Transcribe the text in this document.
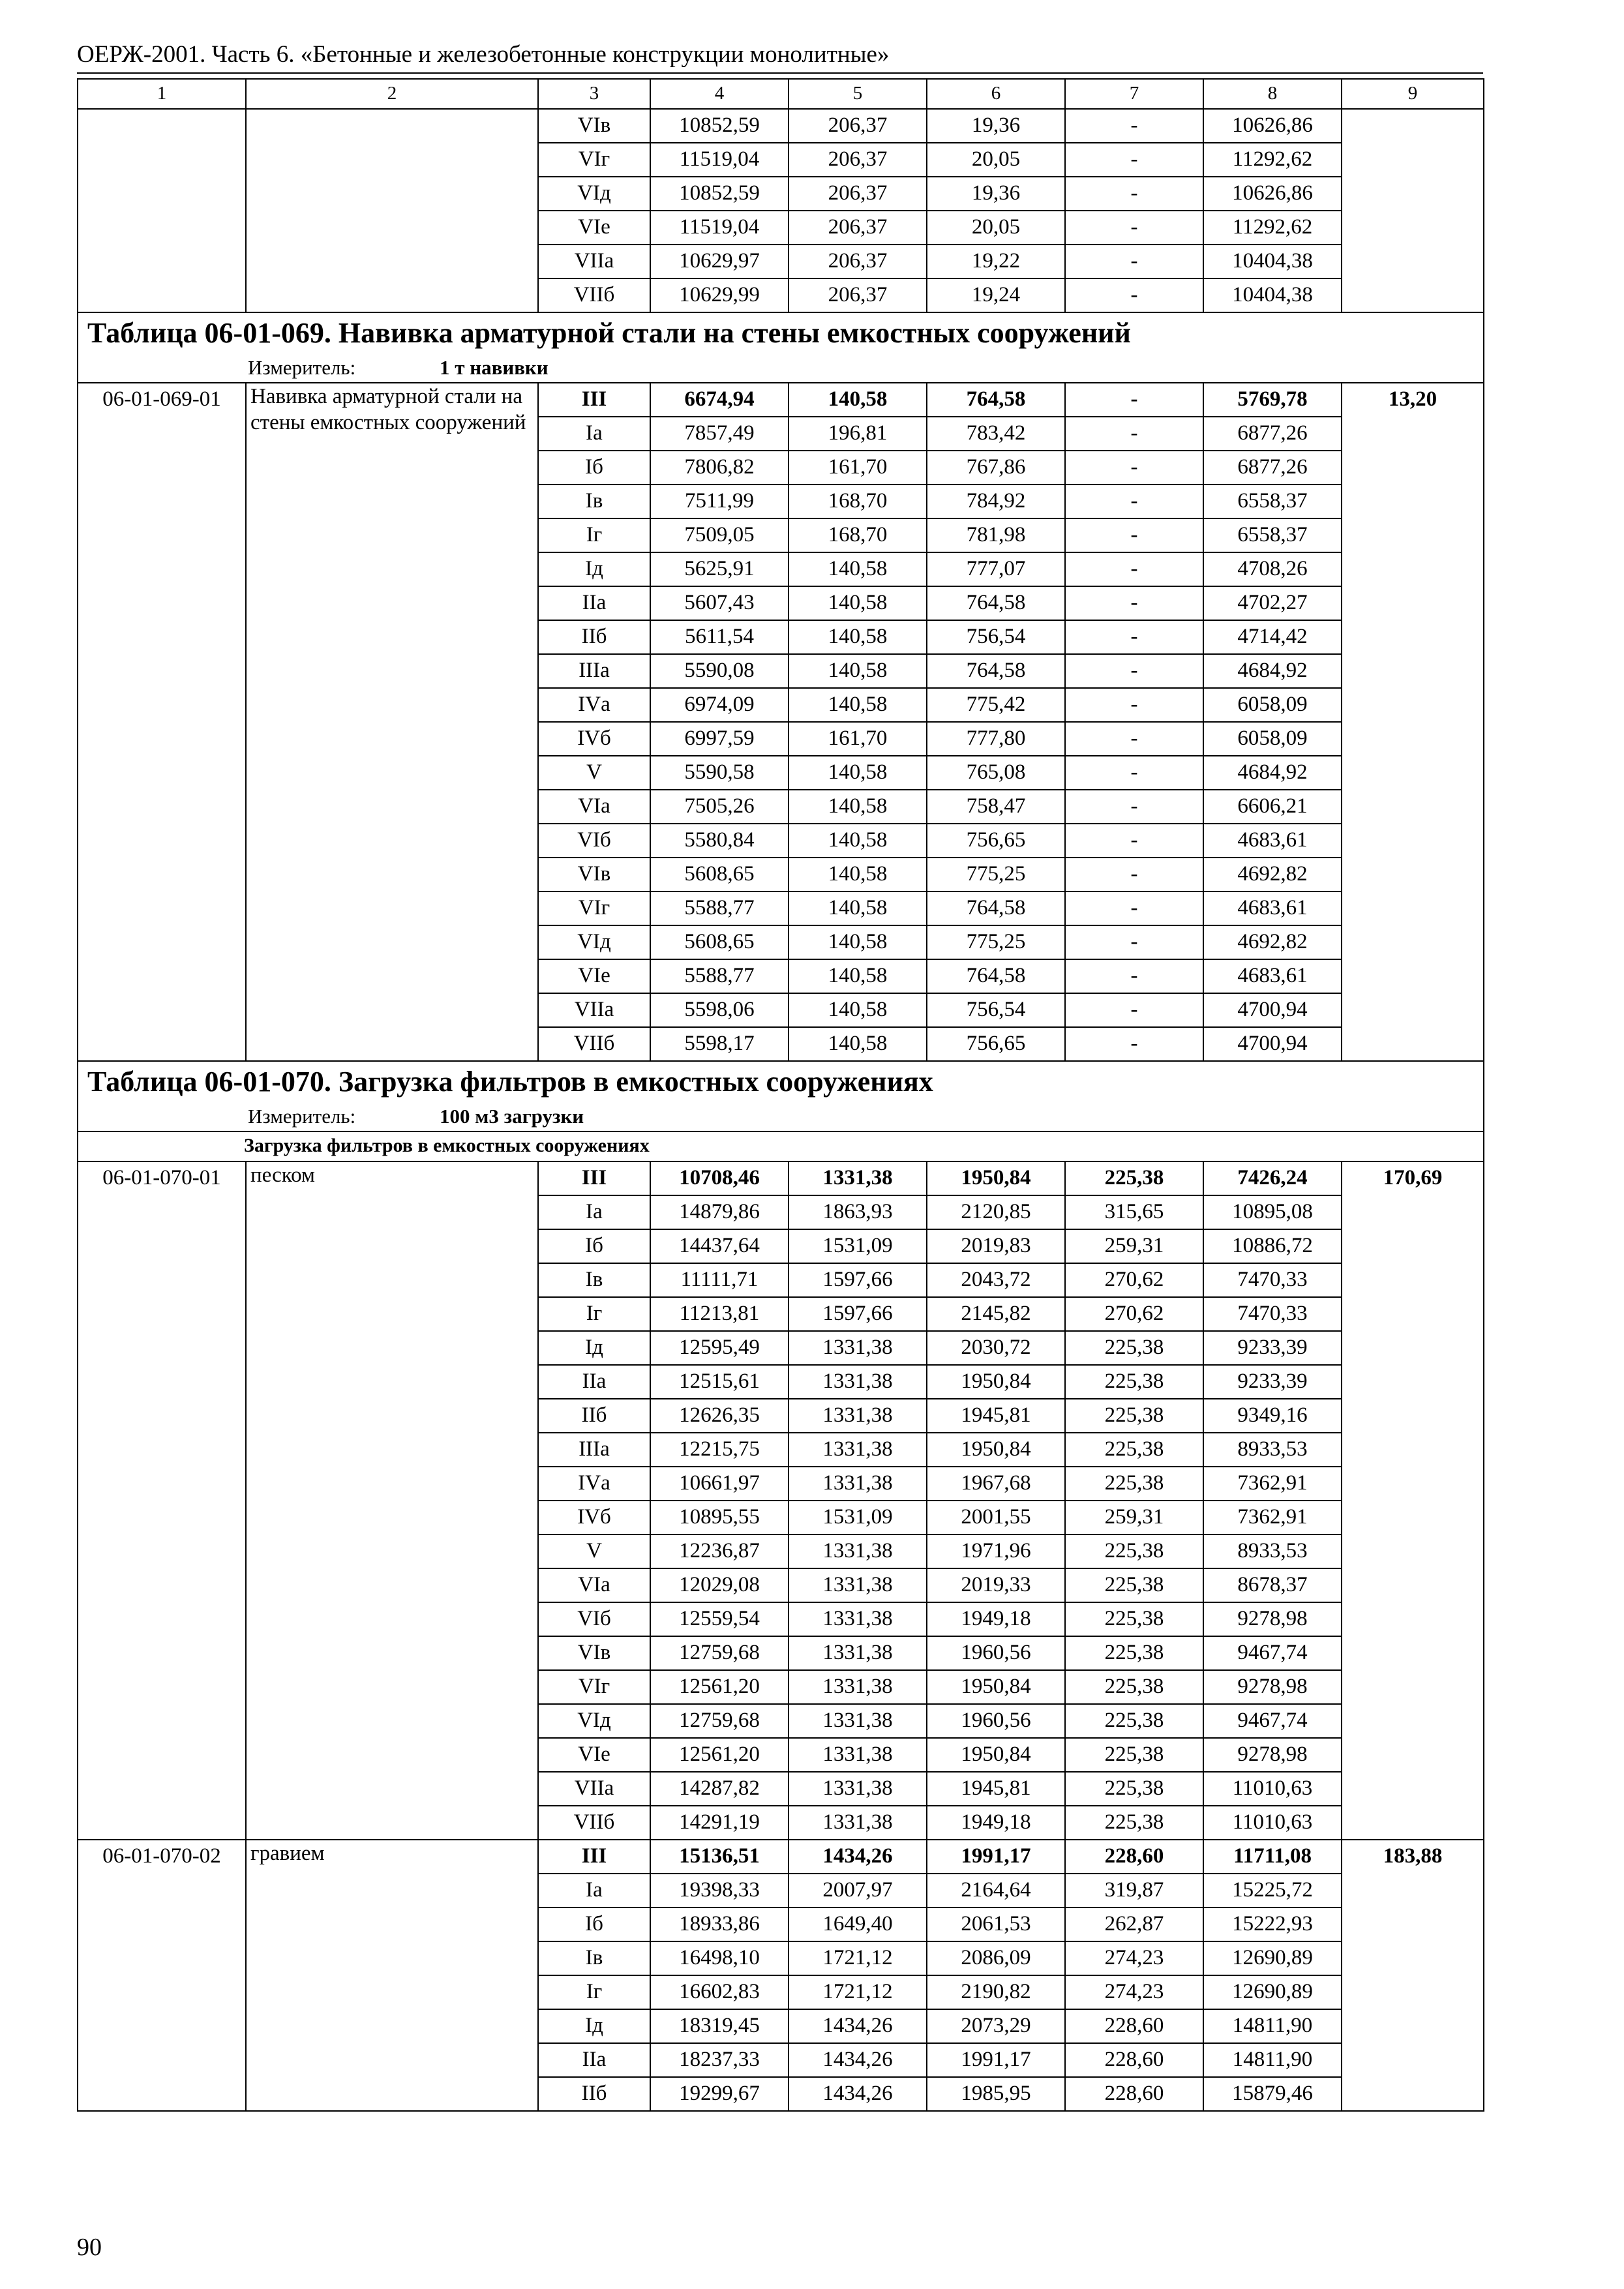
ОЕРЖ-2001. Часть 6. «Бетонные и железобетонные конструкции монолитные»
1	2	3	4	5	6	7	8	9
		VIв	10852,59	206,37	19,36	-	10626,86	
		VIг	11519,04	206,37	20,05	-	11292,62	
		VIд	10852,59	206,37	19,36	-	10626,86	
		VIе	11519,04	206,37	20,05	-	11292,62	
		VIIа	10629,97	206,37	19,22	-	10404,38	
		VIIб	10629,99	206,37	19,24	-	10404,38	
Таблица 06-01-069. Навивка арматурной стали на стены емкостных сооружений								
Измеритель: 1 т навивки								
06-01-069-01	Навивка арматурной стали на стены емкостных сооружений	III	6674,94	140,58	764,58	-	5769,78	13,20
		Iа	7857,49	196,81	783,42	-	6877,26	
		Iб	7806,82	161,70	767,86	-	6877,26	
		Iв	7511,99	168,70	784,92	-	6558,37	
		Iг	7509,05	168,70	781,98	-	6558,37	
		Iд	5625,91	140,58	777,07	-	4708,26	
		IIа	5607,43	140,58	764,58	-	4702,27	
		IIб	5611,54	140,58	756,54	-	4714,42	
		IIIа	5590,08	140,58	764,58	-	4684,92	
		IVа	6974,09	140,58	775,42	-	6058,09	
		IVб	6997,59	161,70	777,80	-	6058,09	
		V	5590,58	140,58	765,08	-	4684,92	
		VIа	7505,26	140,58	758,47	-	6606,21	
		VIб	5580,84	140,58	756,65	-	4683,61	
		VIв	5608,65	140,58	775,25	-	4692,82	
		VIг	5588,77	140,58	764,58	-	4683,61	
		VIд	5608,65	140,58	775,25	-	4692,82	
		VIе	5588,77	140,58	764,58	-	4683,61	
		VIIа	5598,06	140,58	756,54	-	4700,94	
		VIIб	5598,17	140,58	756,65	-	4700,94	
Таблица 06-01-070. Загрузка фильтров в емкостных сооружениях								
Измеритель: 100 м3 загрузки								
Загрузка фильтров в емкостных сооружениях								
06-01-070-01	песком	III	10708,46	1331,38	1950,84	225,38	7426,24	170,69
		Iа	14879,86	1863,93	2120,85	315,65	10895,08	
		Iб	14437,64	1531,09	2019,83	259,31	10886,72	
		Iв	11111,71	1597,66	2043,72	270,62	7470,33	
		Iг	11213,81	1597,66	2145,82	270,62	7470,33	
		Iд	12595,49	1331,38	2030,72	225,38	9233,39	
		IIа	12515,61	1331,38	1950,84	225,38	9233,39	
		IIб	12626,35	1331,38	1945,81	225,38	9349,16	
		IIIа	12215,75	1331,38	1950,84	225,38	8933,53	
		IVа	10661,97	1331,38	1967,68	225,38	7362,91	
		IVб	10895,55	1531,09	2001,55	259,31	7362,91	
		V	12236,87	1331,38	1971,96	225,38	8933,53	
		VIа	12029,08	1331,38	2019,33	225,38	8678,37	
		VIб	12559,54	1331,38	1949,18	225,38	9278,98	
		VIв	12759,68	1331,38	1960,56	225,38	9467,74	
		VIг	12561,20	1331,38	1950,84	225,38	9278,98	
		VIд	12759,68	1331,38	1960,56	225,38	9467,74	
		VIе	12561,20	1331,38	1950,84	225,38	9278,98	
		VIIа	14287,82	1331,38	1945,81	225,38	11010,63	
		VIIб	14291,19	1331,38	1949,18	225,38	11010,63	
06-01-070-02	гравием	III	15136,51	1434,26	1991,17	228,60	11711,08	183,88
		Iа	19398,33	2007,97	2164,64	319,87	15225,72	
		Iб	18933,86	1649,40	2061,53	262,87	15222,93	
		Iв	16498,10	1721,12	2086,09	274,23	12690,89	
		Iг	16602,83	1721,12	2190,82	274,23	12690,89	
		Iд	18319,45	1434,26	2073,29	228,60	14811,90	
		IIа	18237,33	1434,26	1991,17	228,60	14811,90	
		IIб	19299,67	1434,26	1985,95	228,60	15879,46	
90
